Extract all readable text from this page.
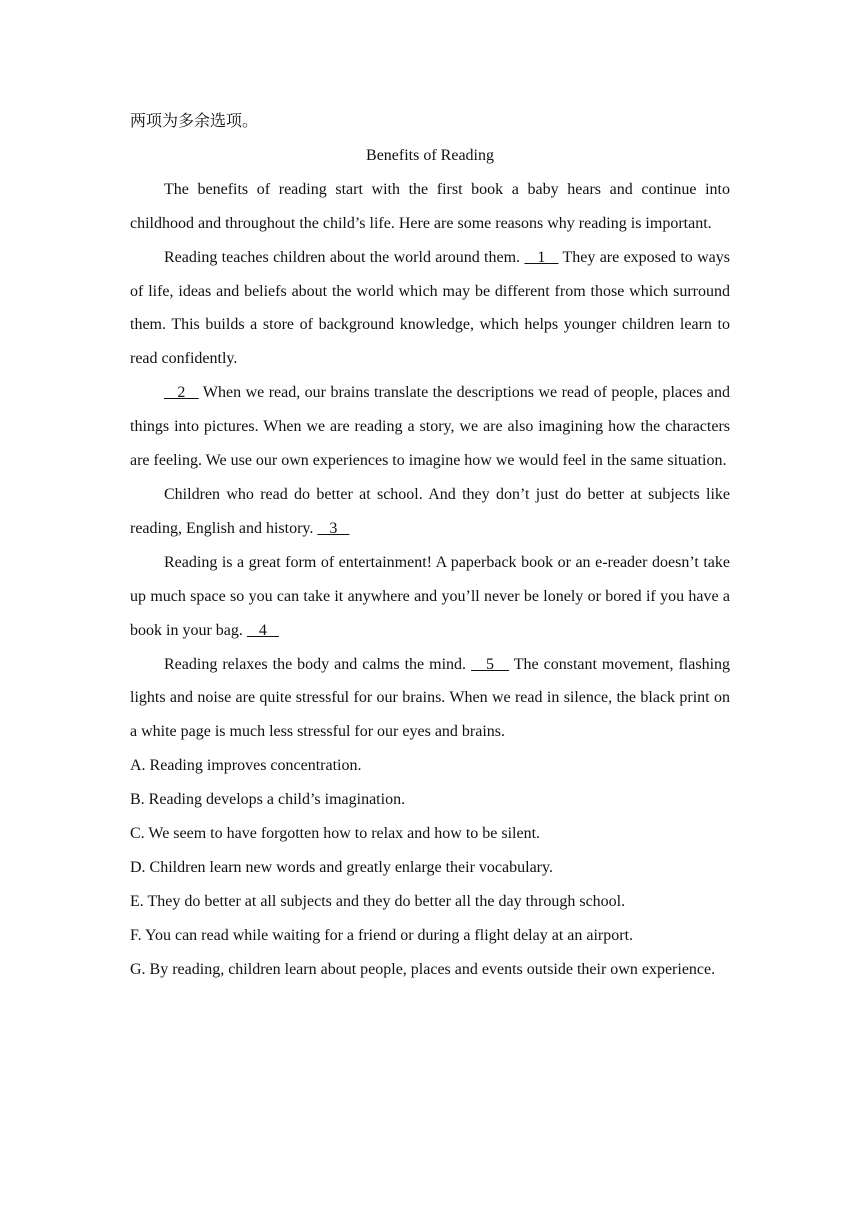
两项为多余选项。

Benefits of Reading

The benefits of reading start with the first book a baby hears and continue into childhood and throughout the child’s life. Here are some reasons why reading is important.

Reading teaches children about the world around them.    1    They are exposed to ways of life, ideas and beliefs about the world which may be different from those which surround them. This builds a store of background knowledge, which helps younger children learn to read confidently.

2    When we read, our brains translate the descriptions we read of people, places and things into pictures. When we are reading a story, we are also imagining how the characters are feeling. We use our own experiences to imagine how we would feel in the same situation.

Children who read do better at school. And they don’t just do better at subjects like reading, English and history.    3

Reading is a great form of entertainment! A paperback book or an e-reader doesn’t take up much space so you can take it anywhere and you’ll never be lonely or bored if you have a book in your bag.    4

Reading relaxes the body and calms the mind.    5    The constant movement, flashing lights and noise are quite stressful for our brains. When we read in silence, the black print on a white page is much less stressful for our eyes and brains.

A. Reading improves concentration.

B. Reading develops a child’s imagination.

C. We seem to have forgotten how to relax and how to be silent.

D. Children learn new words and greatly enlarge their vocabulary.

E. They do better at all subjects and they do better all the day through school.

F. You can read while waiting for a friend or during a flight delay at an airport.

G. By reading, children learn about people, places and events outside their own experience.
